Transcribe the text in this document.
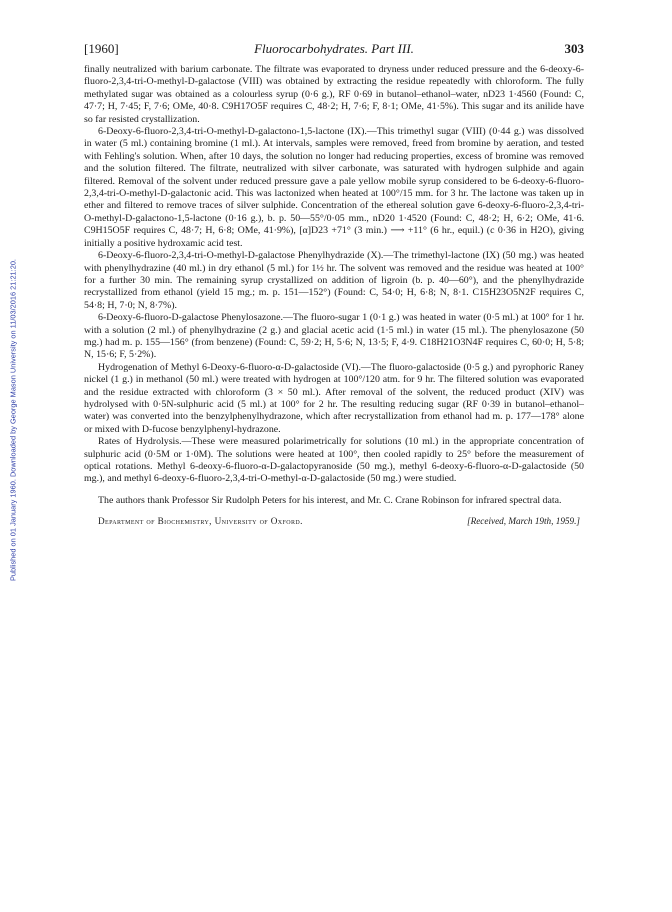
Published on 01 January 1960. Downloaded by George Mason University on 11/03/2016 21:21:20.
[1960]	Fluorocarbohydrates. Part III.	303

finally neutralized with barium carbonate. The filtrate was evaporated to dryness under reduced pressure and the 6-deoxy-6-fluoro-2,3,4-tri-O-methyl-D-galactose (VIII) was obtained by extracting the residue repeatedly with chloroform. The fully methylated sugar was obtained as a colourless syrup (0·6 g.), RF 0·69 in butanol–ethanol–water, nD23 1·4560 (Found: C, 47·7; H, 7·45; F, 7·6; OMe, 40·8. C9H17O5F requires C, 48·2; H, 7·6; F, 8·1; OMe, 41·5%). This sugar and its anilide have so far resisted crystallization.

6-Deoxy-6-fluoro-2,3,4-tri-O-methyl-D-galactono-1,5-lactone (IX).—This trimethyl sugar (VIII) (0·44 g.) was dissolved in water (5 ml.) containing bromine (1 ml.). At intervals, samples were removed, freed from bromine by aeration, and tested with Fehling's solution. When, after 10 days, the solution no longer had reducing properties, excess of bromine was removed and the solution filtered. The filtrate, neutralized with silver carbonate, was saturated with hydrogen sulphide and again filtered. Removal of the solvent under reduced pressure gave a pale yellow mobile syrup considered to be 6-deoxy-6-fluoro-2,3,4-tri-O-methyl-D-galactonic acid. This was lactonized when heated at 100°/15 mm. for 3 hr. The lactone was taken up in ether and filtered to remove traces of silver sulphide. Concentration of the ethereal solution gave 6-deoxy-6-fluoro-2,3,4-tri-O-methyl-D-galactono-1,5-lactone (0·16 g.), b. p. 50—55°/0·05 mm., nD20 1·4520 (Found: C, 48·2; H, 6·2; OMe, 41·6. C9H15O5F requires C, 48·7; H, 6·8; OMe, 41·9%), [α]D23 +71° (3 min.) ⟶ +11° (6 hr., equil.) (c 0·36 in H2O), giving initially a positive hydroxamic acid test.

6-Deoxy-6-fluoro-2,3,4-tri-O-methyl-D-galactose Phenylhydrazide (X).—The trimethyl-lactone (IX) (50 mg.) was heated with phenylhydrazine (40 ml.) in dry ethanol (5 ml.) for 1½ hr. The solvent was removed and the residue was heated at 100° for a further 30 min. The remaining syrup crystallized on addition of ligroin (b. p. 40—60°), and the phenylhydrazide recrystallized from ethanol (yield 15 mg.; m. p. 151—152°) (Found: C, 54·0; H, 6·8; N, 8·1. C15H23O5N2F requires C, 54·8; H, 7·0; N, 8·7%).

6-Deoxy-6-fluoro-D-galactose Phenylosazone.—The fluoro-sugar 1 (0·1 g.) was heated in water (0·5 ml.) at 100° for 1 hr. with a solution (2 ml.) of phenylhydrazine (2 g.) and glacial acetic acid (1·5 ml.) in water (15 ml.). The phenylosazone (50 mg.) had m. p. 155—156° (from benzene) (Found: C, 59·2; H, 5·6; N, 13·5; F, 4·9. C18H21O3N4F requires C, 60·0; H, 5·8; N, 15·6; F, 5·2%).

Hydrogenation of Methyl 6-Deoxy-6-fluoro-α-D-galactoside (VI).—The fluoro-galactoside (0·5 g.) and pyrophoric Raney nickel (1 g.) in methanol (50 ml.) were treated with hydrogen at 100°/120 atm. for 9 hr. The filtered solution was evaporated and the residue extracted with chloroform (3 × 50 ml.). After removal of the solvent, the reduced product (XIV) was hydrolysed with 0·5N-sulphuric acid (5 ml.) at 100° for 2 hr. The resulting reducing sugar (RF 0·39 in butanol–ethanol–water) was converted into the benzylphenylhydrazone, which after recrystallization from ethanol had m. p. 177—178° alone or mixed with D-fucose benzylphenyl-hydrazone.

Rates of Hydrolysis.—These were measured polarimetrically for solutions (10 ml.) in the appropriate concentration of sulphuric acid (0·5M or 1·0M). The solutions were heated at 100°, then cooled rapidly to 25° before the measurement of optical rotations. Methyl 6-deoxy-6-fluoro-α-D-galactopyranoside (50 mg.), methyl 6-deoxy-6-fluoro-α-D-galactoside (50 mg.), and methyl 6-deoxy-6-fluoro-2,3,4-tri-O-methyl-α-D-galactoside (50 mg.) were studied.

The authors thank Professor Sir Rudolph Peters for his interest, and Mr. C. Crane Robinson for infrared spectral data.

Department of Biochemistry, University of Oxford.	[Received, March 19th, 1959.]
